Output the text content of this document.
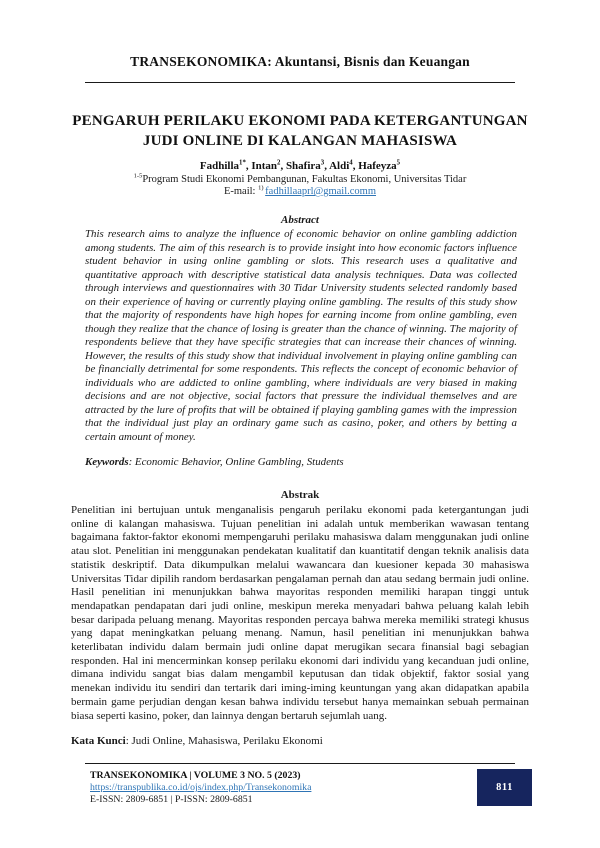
TRANSEKONOMIKA: Akuntansi, Bisnis dan Keuangan
PENGARUH PERILAKU EKONOMI PADA KETERGANTUNGAN
JUDI ONLINE DI KALANGAN MAHASISWA
Fadhilla$^{1*}$, Intan$^2$, Shafira$^3$, Aldi$^4$, Hafeyza$^5$
$^{1-5}$Program Studi Ekonomi Pembangunan, Fakultas Ekonomi, Universitas Tidar
E-mail: $^{1)}$ fadhillaaprl@gmail.comm
Abstract
This research aims to analyze the influence of economic behavior on online gambling addiction among students. The aim of this research is to provide insight into how economic factors influence student behavior in using online gambling or slots. This research uses a qualitative and quantitative approach with descriptive statistical data analysis techniques. Data was collected through interviews and questionnaires with 30 Tidar University students selected randomly based on their experience of having or currently playing online gambling. The results of this study show that the majority of respondents have high hopes for earning income from online gambling, even though they realize that the chance of losing is greater than the chance of winning. The majority of respondents believe that they have specific strategies that can increase their chances of winning. However, the results of this study show that individual involvement in playing online gambling can be financially detrimental for some respondents. This reflects the concept of economic behavior of individuals who are addicted to online gambling, where individuals are very biased in making decisions and are not objective, social factors that pressure the individual themselves and are attracted by the lure of profits that will be obtained if playing gambling games with the impression that the individual just play an ordinary game such as casino, poker, and others by betting a certain amount of money.
Keywords: Economic Behavior, Online Gambling, Students
Abstrak
Penelitian ini bertujuan untuk menganalisis pengaruh perilaku ekonomi pada ketergantungan judi online di kalangan mahasiswa. Tujuan penelitian ini adalah untuk memberikan wawasan tentang bagaimana faktor-faktor ekonomi mempengaruhi perilaku mahasiswa dalam menggunakan judi online atau slot. Penelitian ini menggunakan pendekatan kualitatif dan kuantitatif dengan teknik analisis data statistik deskriptif. Data dikumpulkan melalui wawancara dan kuesioner kepada 30 mahasiswa Universitas Tidar dipilih random berdasarkan pengalaman pernah dan atau sedang bermain judi online. Hasil penelitian ini menunjukkan bahwa mayoritas responden memiliki harapan tinggi untuk mendapatkan pendapatan dari judi online, meskipun mereka menyadari bahwa peluang kalah lebih besar daripada peluang menang. Mayoritas responden percaya bahwa mereka memiliki strategi khusus yang dapat meningkatkan peluang menang. Namun, hasil penelitian ini menunjukkan bahwa keterlibatan individu dalam bermain judi online dapat merugikan secara finansial bagi sebagian responden. Hal ini mencerminkan konsep perilaku ekonomi dari individu yang kecanduan judi online, dimana individu sangat bias dalam mengambil keputusan dan tidak objektif, faktor sosial yang menekan individu itu sendiri dan tertarik dari iming-iming keuntungan yang akan didapatkan apabila bermain game perjudian dengan kesan bahwa individu tersebut hanya memainkan sebuah permainan biasa seperti kasino, poker, dan lainnya dengan bertaruh sejumlah uang.
Kata Kunci: Judi Online, Mahasiswa, Perilaku Ekonomi
TRANSEKONOMIKA | VOLUME 3 NO. 5 (2023)
https://transpublika.co.id/ojs/index.php/Transekonomika
E-ISSN: 2809-6851 | P-ISSN: 2809-6851
811
